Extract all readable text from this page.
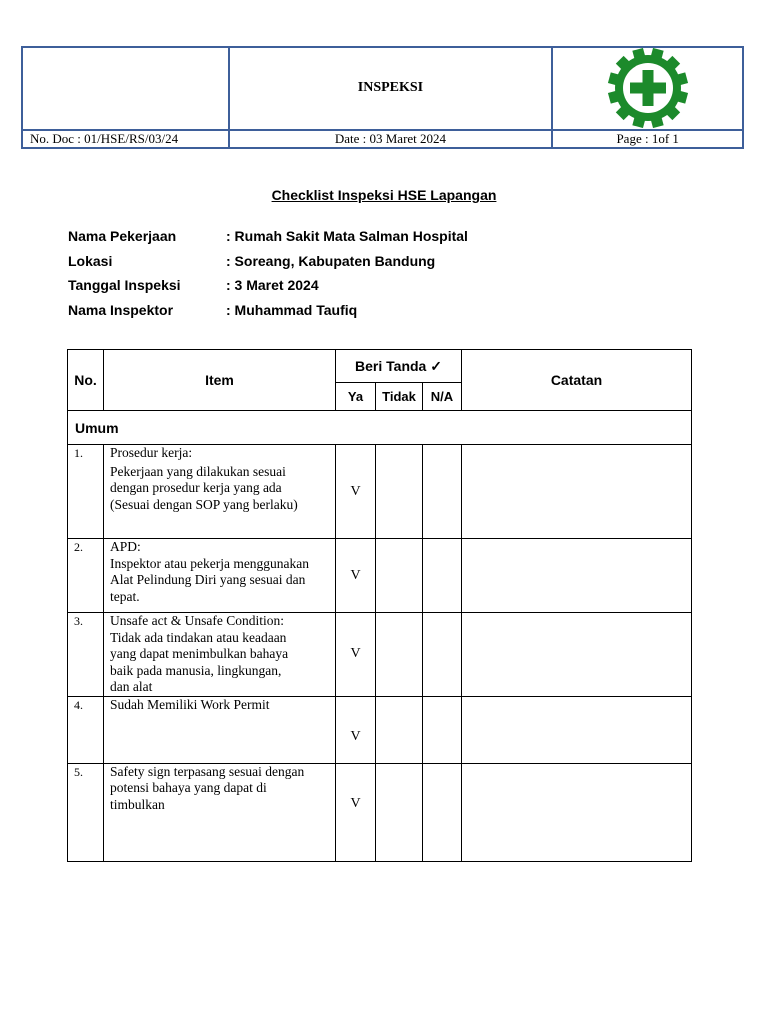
	INSPEKSI	

No. Doc : 01/HSE/RS/03/24	Date : 03 Maret 2024	Page : 1of 1
Checklist Inspeksi HSE Lapangan
Nama Pekerjaan	: Rumah Sakit Mata Salman Hospital
Lokasi	: Soreang, Kabupaten Bandung
Tanggal Inspeksi	: 3 Maret 2024
Nama Inspektor	: Muhammad Taufiq
No.	Item	Beri Tanda ✓			Catatan
		Ya	Tidak	N/A	
Umum					
1.	Prosedur kerja:
Pekerjaan yang dilakukan sesuai
dengan prosedur kerja yang ada
(Sesuai dengan SOP yang berlaku)	V			
2.	APD:
Inspektor atau pekerja menggunakan
Alat Pelindung Diri yang sesuai dan
tepat.	V			
3.	Unsafe act & Unsafe Condition:
Tidak ada tindakan atau keadaan
yang dapat menimbulkan bahaya
baik pada manusia, lingkungan,
dan alat	V			
4.	Sudah Memiliki Work Permit	V			
5.	Safety sign terpasang sesuai dengan
potensi bahaya yang dapat di
timbulkan	V			
